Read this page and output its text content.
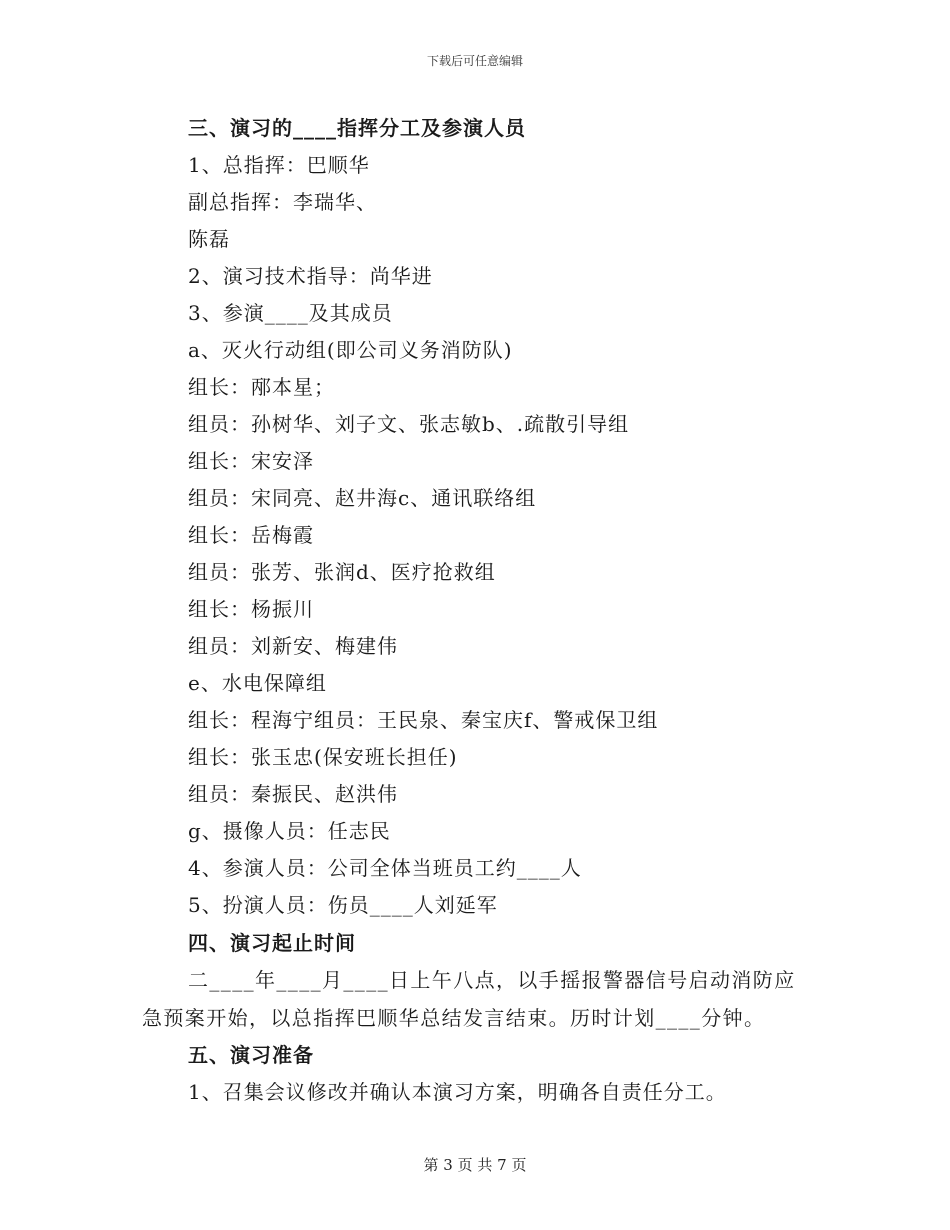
下载后可任意编辑
三、演习的____指挥分工及参演人员
1、总指挥：巴顺华
副总指挥：李瑞华、
陈磊
2、演习技术指导：尚华进
3、参演____及其成员
a、灭火行动组(即公司义务消防队)
组长：邴本星；
组员：孙树华、刘子文、张志敏b、.疏散引导组
组长：宋安泽
组员：宋同亮、赵井海c、通讯联络组
组长：岳梅霞
组员：张芳、张润d、医疗抢救组
组长：杨振川
组员：刘新安、梅建伟
e、水电保障组
组长：程海宁组员：王民泉、秦宝庆f、警戒保卫组
组长：张玉忠(保安班长担任)
组员：秦振民、赵洪伟
g、摄像人员：任志民
4、参演人员：公司全体当班员工约____人
5、扮演人员：伤员____人刘延军
四、演习起止时间
二____年____月____日上午八点，以手摇报警器信号启动消防应
急预案开始，以总指挥巴顺华总结发言结束。历时计划____分钟。
五、演习准备
1、召集会议修改并确认本演习方案，明确各自责任分工。
第 3 页 共 7 页
